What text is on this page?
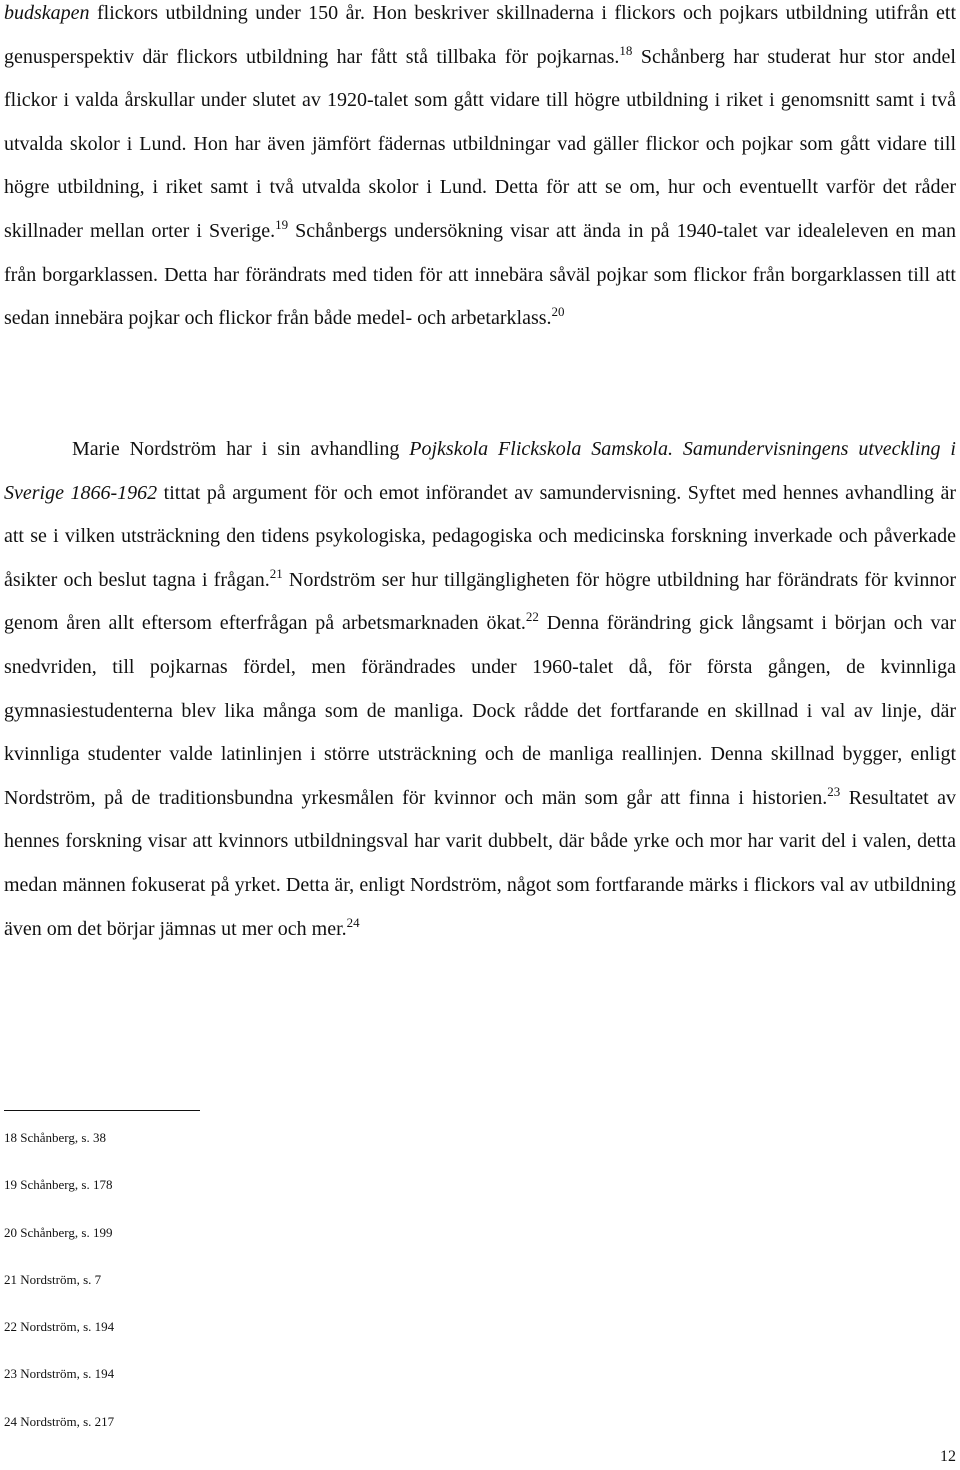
budskapen flickors utbildning under 150 år. Hon beskriver skillnaderna i flickors och pojkars utbildning utifrån ett genusperspektiv där flickors utbildning har fått stå tillbaka för pojkarnas.$^{18}$ Schånberg har studerat hur stor andel flickor i valda årskullar under slutet av 1920-talet som gått vidare till högre utbildning i riket i genomsnitt samt i två utvalda skolor i Lund. Hon har även jämfört fädernas utbildningar vad gäller flickor och pojkar som gått vidare till högre utbildning, i riket samt i två utvalda skolor i Lund. Detta för att se om, hur och eventuellt varför det råder skillnader mellan orter i Sverige.$^{19}$ Schånbergs undersökning visar att ända in på 1940-talet var idealeleven en man från borgarklassen. Detta har förändrats med tiden för att innebära såväl pojkar som flickor från borgarklassen till att sedan innebära pojkar och flickor från både medel- och arbetarklass.$^{20}$
Marie Nordström har i sin avhandling Pojkskola Flickskola Samskola. Samundervisningens utveckling i Sverige 1866-1962 tittat på argument för och emot införandet av samundervisning. Syftet med hennes avhandling är att se i vilken utsträckning den tidens psykologiska, pedagogiska och medicinska forskning inverkade och påverkade åsikter och beslut tagna i frågan.$^{21}$ Nordström ser hur tillgängligheten för högre utbildning har förändrats för kvinnor genom åren allt eftersom efterfrågan på arbetsmarknaden ökat.$^{22}$ Denna förändring gick långsamt i början och var snedvriden, till pojkarnas fördel, men förändrades under 1960-talet då, för första gången, de kvinnliga gymnasiestudenterna blev lika många som de manliga. Dock rådde det fortfarande en skillnad i val av linje, där kvinnliga studenter valde latinlinjen i större utsträckning och de manliga reallinjen. Denna skillnad bygger, enligt Nordström, på de traditionsbundna yrkesmålen för kvinnor och män som går att finna i historien.$^{23}$ Resultatet av hennes forskning visar att kvinnors utbildningsval har varit dubbelt, där både yrke och mor har varit del i valen, detta medan männen fokuserat på yrket. Detta är, enligt Nordström, något som fortfarande märks i flickors val av utbildning även om det börjar jämnas ut mer och mer.$^{24}$
18 Schånberg, s. 38
19 Schånberg, s. 178
20 Schånberg, s. 199
21 Nordström, s. 7
22 Nordström, s. 194
23 Nordström, s. 194
24 Nordström, s. 217
12
